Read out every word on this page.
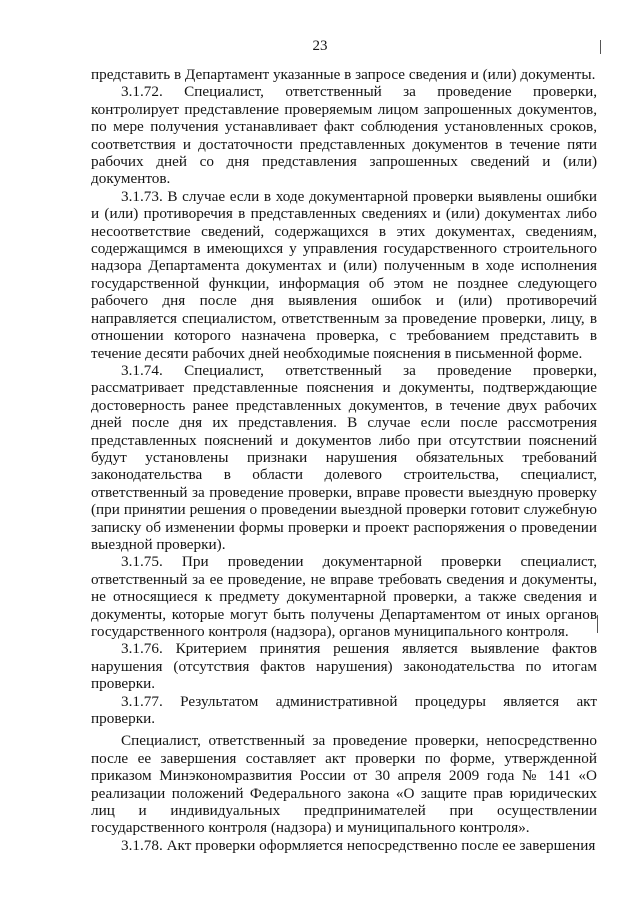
23

представить в Департамент указанные в запросе сведения и (или) документы.

3.1.72. Специалист, ответственный за проведение проверки, контролирует представление проверяемым лицом запрошенных документов, по мере получения устанавливает факт соблюдения установленных сроков, соответствия и достаточности представленных документов в течение пяти рабочих дней со дня представления запрошенных сведений и (или) документов.

3.1.73. В случае если в ходе документарной проверки выявлены ошибки и (или) противоречия в представленных сведениях и (или) документах либо несоответствие сведений, содержащихся в этих документах, сведениям, содержащимся в имеющихся у управления государственного строительного надзора Департамента документах и (или) полученным в ходе исполнения государственной функции, информация об этом не позднее следующего рабочего дня после дня выявления ошибок и (или) противоречий направляется специалистом, ответственным за проведение проверки, лицу, в отношении которого назначена проверка, с требованием представить в течение десяти рабочих дней необходимые пояснения в письменной форме.

3.1.74. Специалист, ответственный за проведение проверки, рассматривает представленные пояснения и документы, подтверждающие достоверность ранее представленных документов, в течение двух рабочих дней после дня их представления. В случае если после рассмотрения представленных пояснений и документов либо при отсутствии пояснений будут установлены признаки нарушения обязательных требований законодательства в области долевого строительства, специалист, ответственный за проведение проверки, вправе провести выездную проверку (при принятии решения о проведении выездной проверки готовит служебную записку об изменении формы проверки и проект распоряжения о проведении выездной проверки).

3.1.75. При проведении документарной проверки специалист, ответственный за ее проведение, не вправе требовать сведения и документы, не относящиеся к предмету документарной проверки, а также сведения и документы, которые могут быть получены Департаментом от иных органов государственного контроля (надзора), органов муниципального контроля.

3.1.76. Критерием принятия решения является выявление фактов нарушения (отсутствия фактов нарушения) законодательства по итогам проверки.

3.1.77. Результатом административной процедуры является акт проверки.

Специалист, ответственный за проведение проверки, непосредственно после ее завершения составляет акт проверки по форме, утвержденной приказом Минэкономразвития России от 30 апреля 2009 года № 141 «О реализации положений Федерального закона «О защите прав юридических лиц и индивидуальных предпринимателей при осуществлении государственного контроля (надзора) и муниципального контроля».

3.1.78. Акт проверки оформляется непосредственно после ее завершения
